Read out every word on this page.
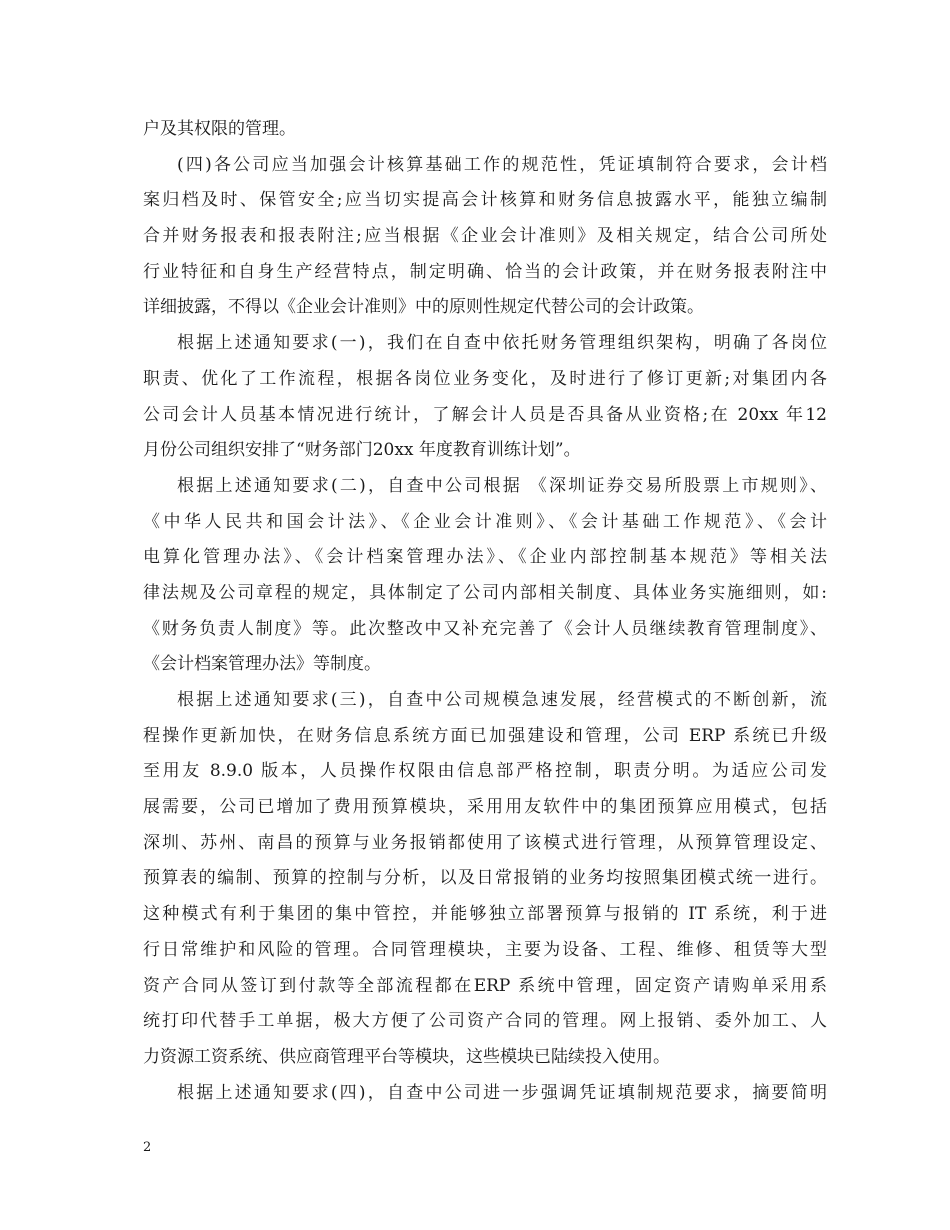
户及其权限的管理。
(四)各公司应当加强会计核算基础工作的规范性，凭证填制符合要求，会计档
案归档及时、保管安全;应当切实提高会计核算和财务信息披露水平，能独立编制
合并财务报表和报表附注;应当根据《企业会计准则》及相关规定，结合公司所处
行业特征和自身生产经营特点，制定明确、恰当的会计政策，并在财务报表附注中
详细披露，不得以《企业会计准则》中的原则性规定代替公司的会计政策。
根据上述通知要求(一)，我们在自查中依托财务管理组织架构，明确了各岗位
职责、优化了工作流程，根据各岗位业务变化，及时进行了修订更新;对集团内各
公司会计人员基本情况进行统计，了解会计人员是否具备从业资格;在 20xx 年12
月份公司组织安排了“财务部门20xx 年度教育训练计划”。
根据上述通知要求(二)，自查中公司根据 《深圳证券交易所股票上市规则》、
《中华人民共和国会计法》、《企业会计准则》、《会计基础工作规范》、《会计
电算化管理办法》、《会计档案管理办法》、《企业内部控制基本规范》等相关法
律法规及公司章程的规定，具体制定了公司内部相关制度、具体业务实施细则，如:
《财务负责人制度》等。此次整改中又补充完善了《会计人员继续教育管理制度》、
《会计档案管理办法》等制度。
根据上述通知要求(三)，自查中公司规模急速发展，经营模式的不断创新，流
程操作更新加快，在财务信息系统方面已加强建设和管理，公司 ERP 系统已升级
至用友 8.9.0 版本，人员操作权限由信息部严格控制，职责分明。为适应公司发
展需要，公司已增加了费用预算模块，采用用友软件中的集团预算应用模式，包括
深圳、苏州、南昌的预算与业务报销都使用了该模式进行管理，从预算管理设定、
预算表的编制、预算的控制与分析，以及日常报销的业务均按照集团模式统一进行。
这种模式有利于集团的集中管控，并能够独立部署预算与报销的 IT 系统，利于进
行日常维护和风险的管理。合同管理模块，主要为设备、工程、维修、租赁等大型
资产合同从签订到付款等全部流程都在ERP 系统中管理，固定资产请购单采用系
统打印代替手工单据，极大方便了公司资产合同的管理。网上报销、委外加工、人
力资源工资系统、供应商管理平台等模块，这些模块已陆续投入使用。
根据上述通知要求(四)，自查中公司进一步强调凭证填制规范要求，摘要简明
2
